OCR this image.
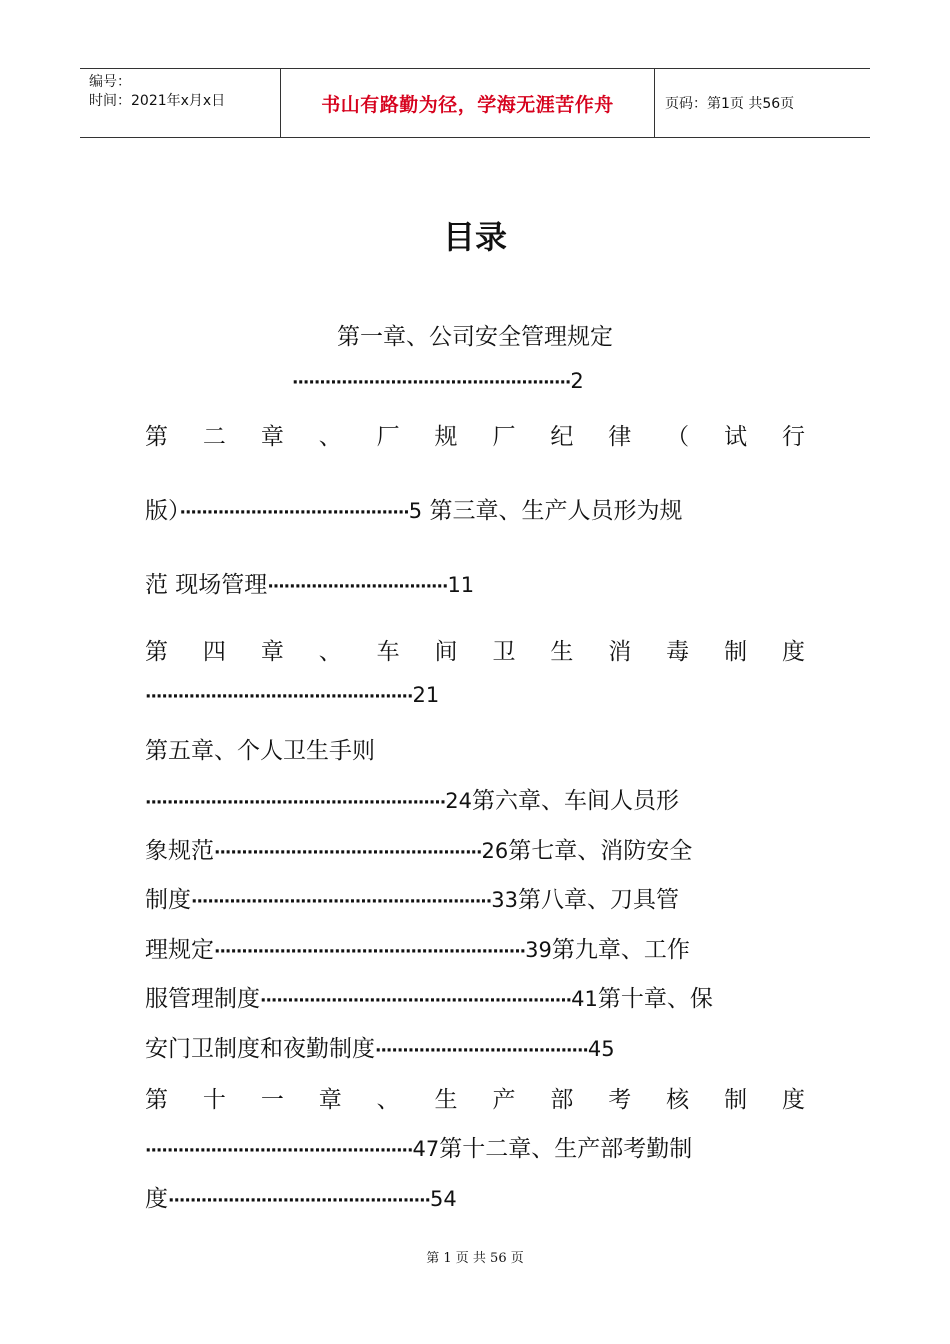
编号：
时间：2021年x月x日	书山有路勤为径，学海无涯苦作舟	页码：第1页 共56页
目录
第一章、公司安全管理规定
···················································2
第 二 章 、 厂 规 厂 纪 律 （ 试 行
版）··········································5 第三章、生产人员形为规
范 现场管理·································11
第 四 章 、 车 间 卫 生 消 毒 制 度
·················································21
第五章、个人卫生手则
·······················································24第六章、车间人员形
象规范·················································26第七章、消防安全
制度·······················································33第八章、刀具管
理规定·························································39第九章、工作
服管理制度·························································41第十章、保
安门卫制度和夜勤制度·······································45
第 十 一 章 、 生 产 部 考 核 制 度
·················································47第十二章、生产部考勤制
度················································54
第 1 页 共 56 页
